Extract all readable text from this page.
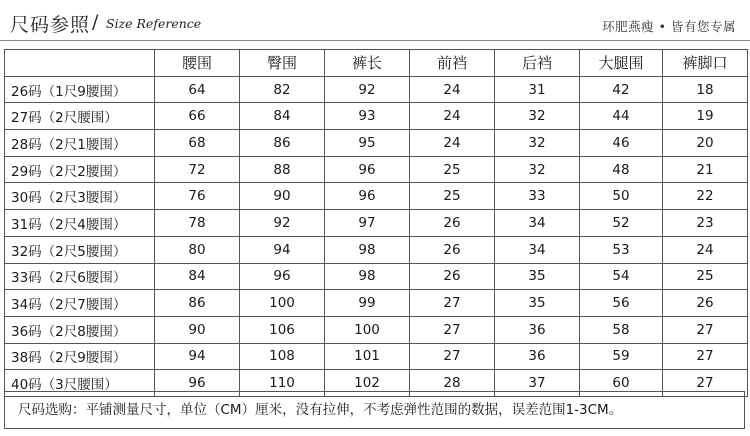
尺码参照 / Size Reference	环肥燕瘦 • 皆有您专属
	腰围	臀围	裤长	前裆	后裆	大腿围	裤脚口
26码（1尺9腰围）	64	82	92	24	31	42	18
27码（2尺腰围）	66	84	93	24	32	44	19
28码（2尺1腰围）	68	86	95	24	32	46	20
29码（2尺2腰围）	72	88	96	25	32	48	21
30码（2尺3腰围）	76	90	96	25	33	50	22
31码（2尺4腰围）	78	92	97	26	34	52	23
32码（2尺5腰围）	80	94	98	26	34	53	24
33码（2尺6腰围）	84	96	98	26	35	54	25
34码（2尺7腰围）	86	100	99	27	35	56	26
36码（2尺8腰围）	90	106	100	27	36	58	27
38码（2尺9腰围）	94	108	101	27	36	59	27
40码（3尺腰围）	96	110	102	28	37	60	27
尺码选购：平铺测量尺寸，单位（CM）厘米，没有拉伸，不考虑弹性范围的数据，误差范围1-3CM。
